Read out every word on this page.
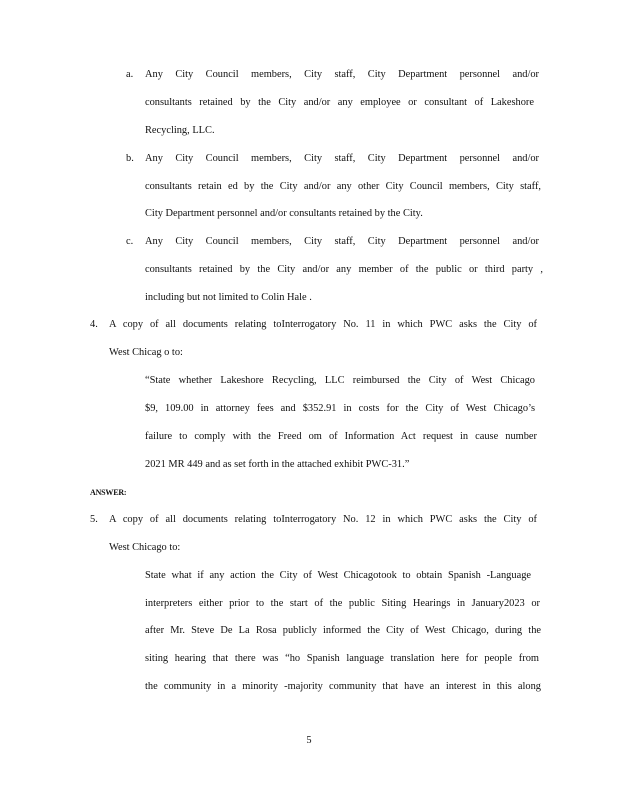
a. Any City Council members, City staff, City Department personnel and/or
consultants retained by the City and/or any employee or consultant of Lakeshore
Recycling, LLC.
b. Any City Council members, City staff, City Department personnel and/or
consultants retain ed by the City and/or any other City Council members, City staff,
City Department personnel and/or consultants retained by the City.
c. Any City Council members, City staff, City Department personnel and/or
consultants retained by the City and/or any member of the public or third party ,
including but not limited to Colin Hale .
4. A copy of all documents relating toInterrogatory No. 11 in which PWC asks the City of
West Chicag o to:
“State whether Lakeshore Recycling, LLC reimbursed the City of West Chicago
$9, 109.00 in attorney fees and $352.91 in costs for the City of West Chicago’s
failure to comply with the Freed om of Information Act request in cause number
2021 MR 449 and as set forth in the attached exhibit PWC-31.”
ANSWER:
5. A copy of all documents relating toInterrogatory No. 12 in which PWC asks the City of
West Chicago to:
State what if any action the City of West Chicagotook to obtain Spanish -Language
interpreters either prior to the start of the public Siting Hearings in January2023 or
after Mr. Steve De La Rosa publicly informed the City of West Chicago, during the
siting hearing that there was “ho Spanish language translation here for people from
the community in a minority -majority community that have an interest in this along
5
